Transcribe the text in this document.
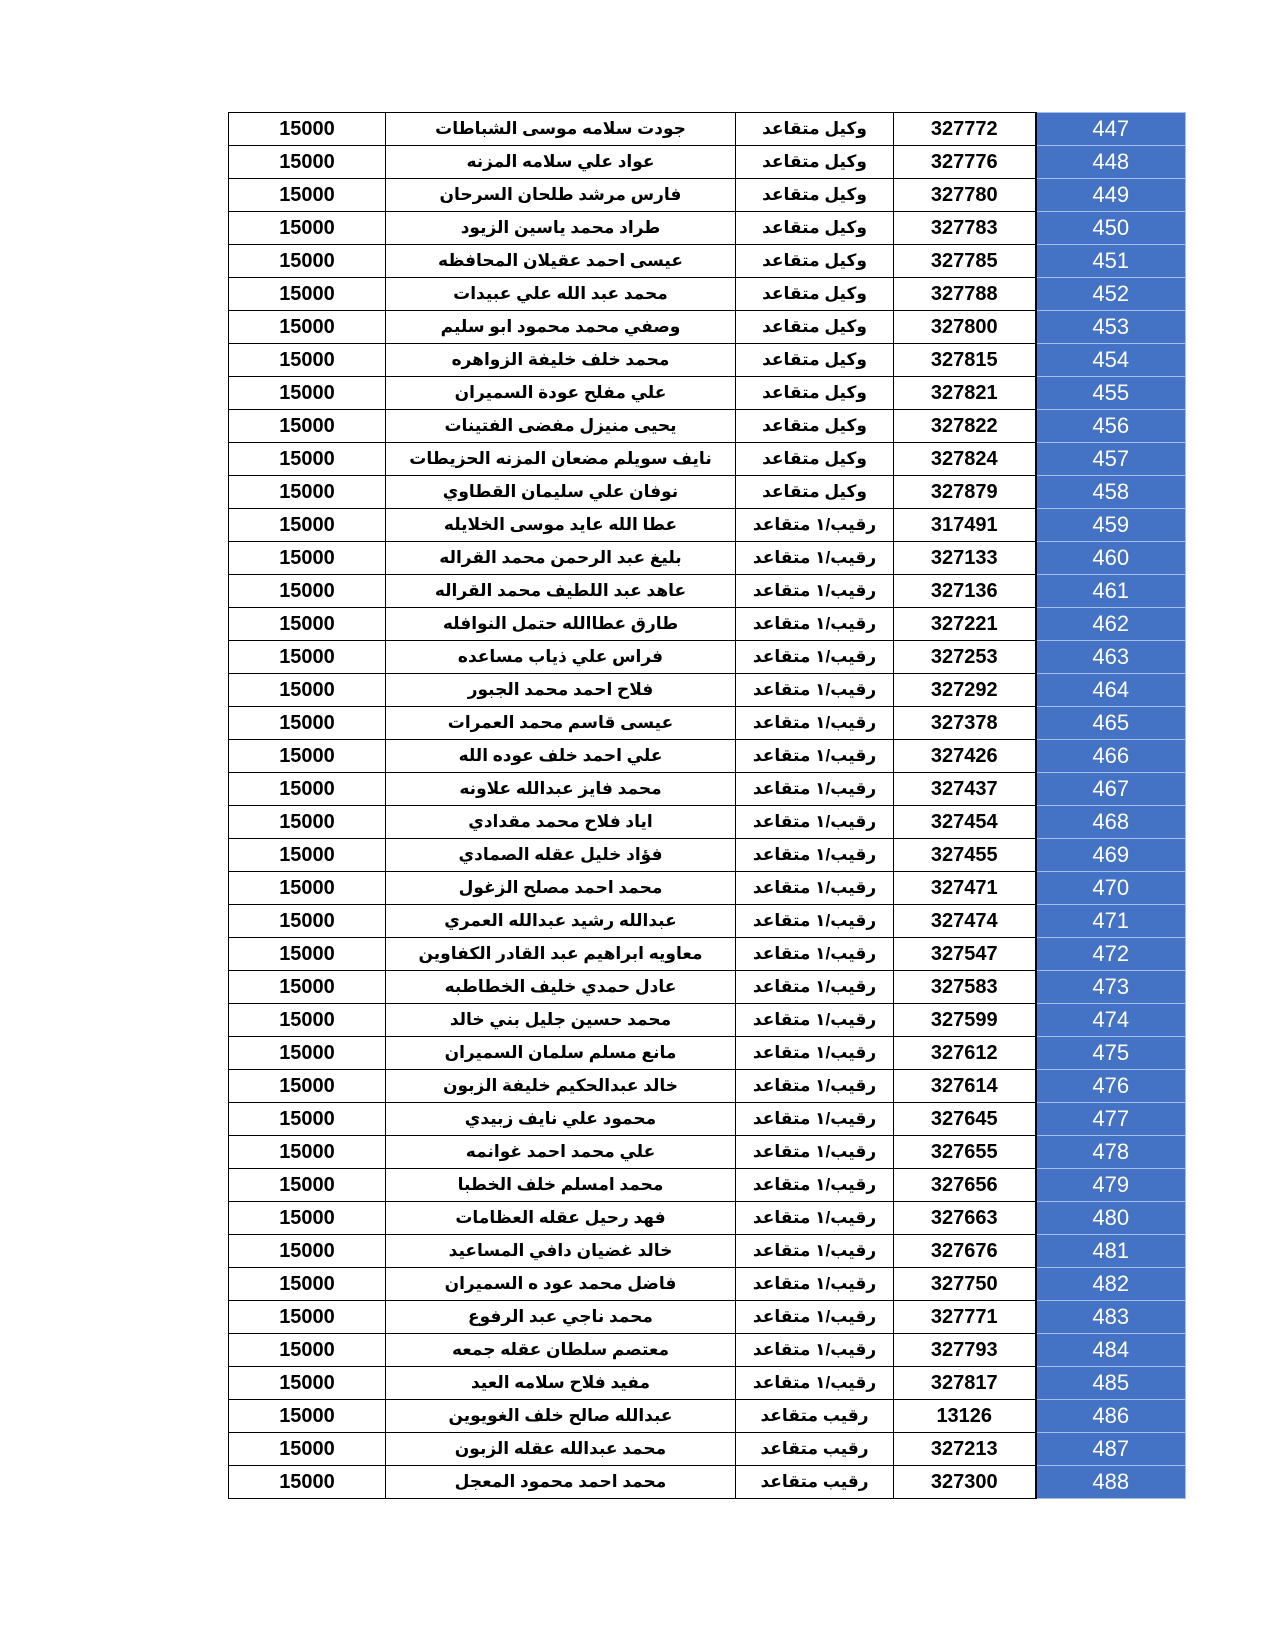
15000	جودت سلامه موسى الشباطات	وكيل متقاعد	327772	447
15000	عواد علي سلامه المزنه	وكيل متقاعد	327776	448
15000	فارس مرشد طلحان السرحان	وكيل متقاعد	327780	449
15000	طراد محمد ياسين الزيود	وكيل متقاعد	327783	450
15000	عيسى احمد عقيلان المحافظه	وكيل متقاعد	327785	451
15000	محمد عبد الله علي عبيدات	وكيل متقاعد	327788	452
15000	وصفي محمد محمود ابو سليم	وكيل متقاعد	327800	453
15000	محمد خلف خليفة الزواهره	وكيل متقاعد	327815	454
15000	علي مفلح عودة السميران	وكيل متقاعد	327821	455
15000	يحيى منيزل مفضى الفتينات	وكيل متقاعد	327822	456
15000	نايف سويلم مضعان المزنه الحزيطات	وكيل متقاعد	327824	457
15000	نوفان علي سليمان القطاوي	وكيل متقاعد	327879	458
15000	عطا الله عايد موسى الخلايله	رقيب/١ متقاعد	317491	459
15000	بليغ عبد الرحمن محمد القراله	رقيب/١ متقاعد	327133	460
15000	عاهد عبد اللطيف محمد القراله	رقيب/١ متقاعد	327136	461
15000	طارق عطاالله حتمل النوافله	رقيب/١ متقاعد	327221	462
15000	فراس علي ذياب مساعده	رقيب/١ متقاعد	327253	463
15000	فلاح احمد محمد الجبور	رقيب/١ متقاعد	327292	464
15000	عيسى قاسم محمد العمرات	رقيب/١ متقاعد	327378	465
15000	علي احمد خلف عوده الله	رقيب/١ متقاعد	327426	466
15000	محمد فايز عبدالله علاونه	رقيب/١ متقاعد	327437	467
15000	اياد فلاح محمد مقدادي	رقيب/١ متقاعد	327454	468
15000	فؤاد خليل عقله الصمادي	رقيب/١ متقاعد	327455	469
15000	محمد احمد مصلح الزغول	رقيب/١ متقاعد	327471	470
15000	عبدالله رشيد عبدالله العمري	رقيب/١ متقاعد	327474	471
15000	معاويه ابراهيم عبد القادر الكفاوين	رقيب/١ متقاعد	327547	472
15000	عادل حمدي خليف الخطاطبه	رقيب/١ متقاعد	327583	473
15000	محمد حسين جليل بني خالد	رقيب/١ متقاعد	327599	474
15000	مانع مسلم سلمان السميران	رقيب/١ متقاعد	327612	475
15000	خالد عبدالحكيم خليفة الزبون	رقيب/١ متقاعد	327614	476
15000	محمود علي نايف زبيدي	رقيب/١ متقاعد	327645	477
15000	علي محمد احمد غوانمه	رقيب/١ متقاعد	327655	478
15000	محمد امسلم خلف الخطبا	رقيب/١ متقاعد	327656	479
15000	فهد رحيل عقله العظامات	رقيب/١ متقاعد	327663	480
15000	خالد غضيان دافي المساعيد	رقيب/١ متقاعد	327676	481
15000	فاضل محمد عود ه السميران	رقيب/١ متقاعد	327750	482
15000	محمد ناجي عبد الرفوع	رقيب/١ متقاعد	327771	483
15000	معتصم سلطان عقله جمعه	رقيب/١ متقاعد	327793	484
15000	مفيد فلاح سلامه العيد	رقيب/١ متقاعد	327817	485
15000	عبدالله صالح خلف الغويوين	رقيب متقاعد	13126	486
15000	محمد عبدالله عقله الزبون	رقيب متقاعد	327213	487
15000	محمد احمد محمود المعجل	رقيب متقاعد	327300	488
